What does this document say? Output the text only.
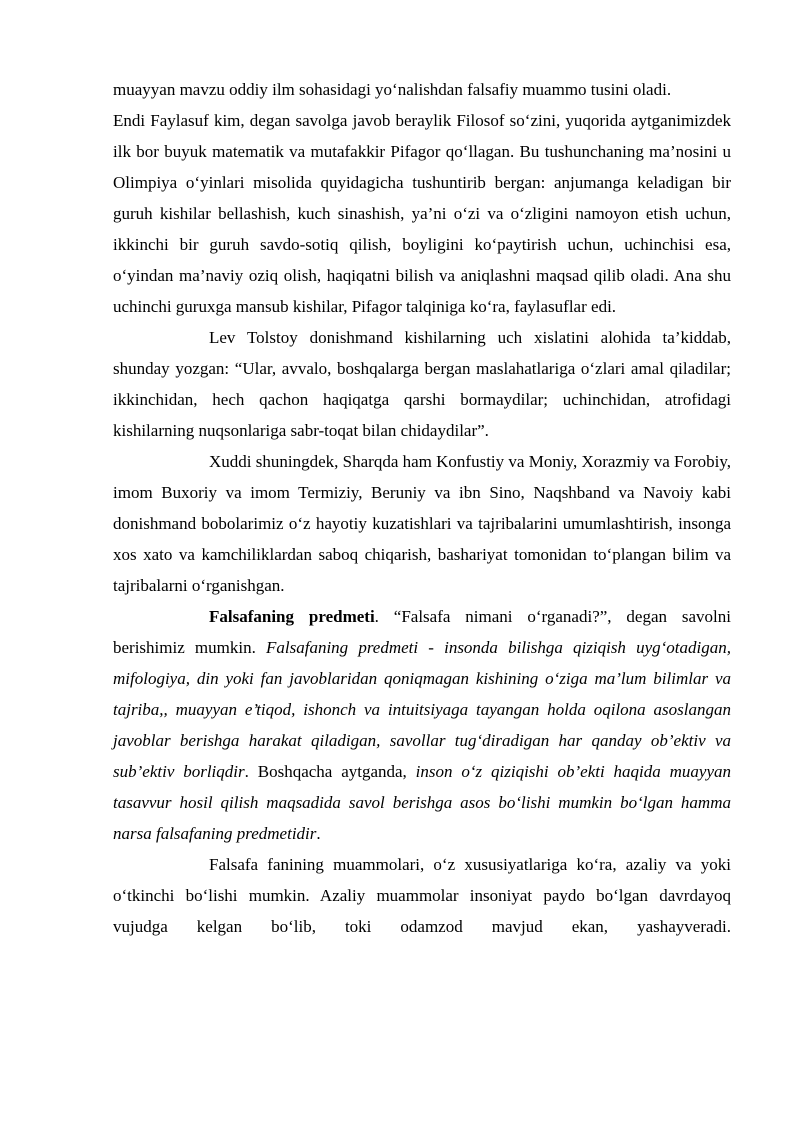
muayyan mavzu oddiy ilm sohasidagi yo‘nalishdan falsafiy muammo tusini oladi.

Endi Faylasuf kim, degan savolga javob beraylik Filosof so‘zini, yuqorida aytganimizdek ilk bor buyuk matematik va mutafakkir Pifagor qo‘llagan. Bu tushunchaning ma’nosini u Olimpiya o‘yinlari misolida quyidagicha tushuntirib bergan: anjumanga keladigan bir guruh kishilar bellashish, kuch sinashish, ya’ni o‘zi va o‘zligini namoyon etish uchun, ikkinchi bir guruh savdo-sotiq qilish, boyligini ko‘paytirish uchun, uchinchisi esa, o‘yindan ma’naviy oziq olish, haqiqatni bilish va aniqlashni maqsad qilib oladi. Ana shu uchinchi guruxga mansub kishilar, Pifagor talqiniga ko‘ra, faylasuflar edi.

Lev Tolstoy donishmand kishilarning uch xislatini alohida ta’kiddab, shunday yozgan: “Ular, avvalo, boshqalarga bergan maslahatlariga o‘zlari amal qiladilar; ikkinchidan, hech qachon haqiqatga qarshi bormaydilar; uchinchidan, atrofidagi kishilarning nuqsonlariga sabr-toqat bilan chidaydilar”.

Xuddi shuningdek, Sharqda ham Konfustiy va Moniy, Xorazmiy va Forobiy, imom Buxoriy va imom Termiziy, Beruniy va ibn Sino, Naqshband va Navoiy kabi donishmand bobolarimiz o‘z hayotiy kuzatishlari va tajribalarini umumlashtirish, insonga xos xato va kamchiliklardan saboq chiqarish, bashariyat tomonidan to‘plangan bilim va tajribalarni o‘rganishgan.

Falsafaning predmeti. “Falsafa nimani o‘rganadi?”, degan savolni berishimiz mumkin. Falsafaning predmeti - insonda bilishga qiziqish uyg‘otadigan, mifologiya, din yoki fan javoblaridan qoniqmagan kishining o‘ziga ma’lum bilimlar va tajriba,, muayyan e’tiqod, ishonch va intuitsiyaga tayangan holda oqilona asoslangan javoblar berishga harakat qiladigan, savollar tug‘diradigan har qanday ob’ektiv va sub’ektiv borliqdir. Boshqacha aytganda, inson o‘z qiziqishi ob’ekti haqida muayyan tasavvur hosil qilish maqsadida savol berishga asos bo‘lishi mumkin bo‘lgan hamma narsa falsafaning predmetidir.

Falsafa fanining muammolari, o‘z xususiyatlariga ko‘ra, azaliy va yoki o‘tkinchi bo‘lishi mumkin. Azaliy muammolar insoniyat paydo bo‘lgan davrdayoq vujudga kelgan bo‘lib, toki odamzod mavjud ekan, yashayveradi.
